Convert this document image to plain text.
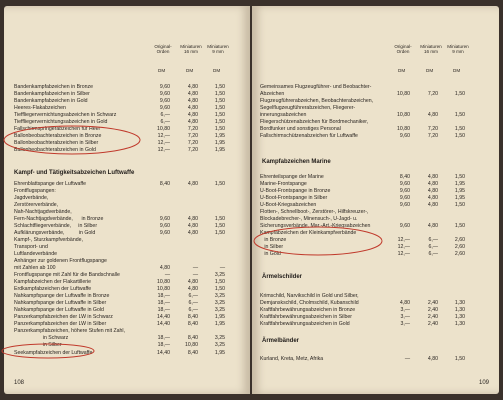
Original-
Orden
Miniaturen
16 mm
Miniaturen
9 mm
DM	DM	DM
Bandenkampfabzeichen in Bronze	9,60	4,80	1,50
Bandenkampfabzeichen in Silber	9,60	4,80	1,50
Bandenkampfabzeichen in Gold	9,60	4,80	1,50
Heeres-Flakabzeichen	9,60	4,80	1,50
Tieffliegervernichtungsabzeichen in Schwarz	6,—	4,80	1,50
Tieffliegervernichtungsabzeichen in Gold	6,—	4,80	1,50
Fallschirmspringerabzeichen für Heer	10,80	7,20	1,50
Ballonbeobachterabzeichen in Bronze	12,—	7,20	1,95
Ballonbeobachterabzeichen in Silber	12,—	7,20	1,95
Ballonbeobachterabzeichen in Gold	12,—	7,20	1,95
Ehrenblattspange der Luftwaffe	8,40	4,80	1,50
Frontflugspangen:
Jagdverbände,
Zerstörerverbände,
Nah-Nachtjagdverbände,
Fern-Nachtjagdverbände,      in Bronze	9,60	4,80	1,50
Schlachtfliegerverbände,     in Silber	9,60	4,80	1,50
Aufklärungsverbände,          in Gold	9,60	4,80	1,50
Kampf-, Sturzkampfverbände,
Transport- und
Luftlandeverbände
Anhänger zur goldenen Frontflugspange
mit Zahlen ab 100	4,80	—	—
Frontflugspange mit Zahl für die Bandschnalle	—	—	3,25
Kampfabzeichen der Flakartillerie	10,80	4,80	1,50
Erdkampfabzeichen der Luftwaffe	10,80	4,80	1,50
Nahkampfspange der Luftwaffe in Bronze	18,—	6,—	3,25
Nahkampfspange der Luftwaffe in Silber	18,—	6,—	3,25
Nahkampfspange der Luftwaffe in Gold	18,—	6,—	3,25
Panzerkampfabzeichen der LW in Schwarz	14,40	8,40	1,95
Panzerkampfabzeichen der LW in Silber	14,40	8,40	1,95
Panzerkampfabzeichen, höhere Stufen mit Zahl,
in Schwarz	18,—	8,40	3,25
in Silber	18,—	10,80	3,25
Seekampfabzeichen der Luftwaffe	14,40	8,40	1,95
108
Kampf- und Tätigkeitsabzeichen Luftwaffe
Original-
Orden
Miniaturen
16 mm
Miniaturen
9 mm
DM	DM	DM
Gemeinsames Flugzeugführer- und Beobachter-
Abzeichen	10,80	7,20	1,50
Flugzeugführerabzeichen, Beobachterabzeichen,
Segelflugzeugführerabzeichen, Fliegerer-
innerungsabzeichen	10,80	4,80	1,50
Fliegerschützenabzeichen für Bordmechaniker,
Bordfunker und sonstiges Personal	10,80	7,20	1,50
Fallschirmschützenabzeichen für Luftwaffe	9,60	7,20	1,50
Ehrenteilspange der Marine	8,40	4,80	1,50
Marine-Frontspange	9,60	4,80	1,95
U-Boot-Frontspange in Bronze	9,60	4,80	1,95
U-Boot-Frontspange in Silber	9,60	4,80	1,95
U-Boot-Kriegsabzeichen	9,60	4,80	1,50
Flotten-, Schnellboot-, Zerstörer-, Hilfskreuzer-,
Blockadebrecher-, Minensuch-, U-Jagd- u.
Sicherungsverbände, Mar.-Art.-Kriegsabzeichen	9,60	4,80	1,50
Kampfabzeichen der Kleinkampfverbände
in Bronze	12,—	6,—	2,60
in Silber	12,—	6,—	2,60
in Gold	12,—	6,—	2,60
Krimschild, Narvikschild in Gold und Silber,
Demjanskschild, Cholmschild, Kubanschild	4,80	2,40	1,30
Kraftfahrbewährungsabzeichen in Bronze	3,—	2,40	1,30
Kraftfahrbewährungsabzeichen in Silber	3,—	2,40	1,30
Kraftfahrbewährungsabzeichen in Gold	3,—	2,40	1,30
Kurland, Kreta, Metz, Afrika	—	4,80	1,50
109
Kampfabzeichen Marine
Ärmelschilder
Ärmelbänder
